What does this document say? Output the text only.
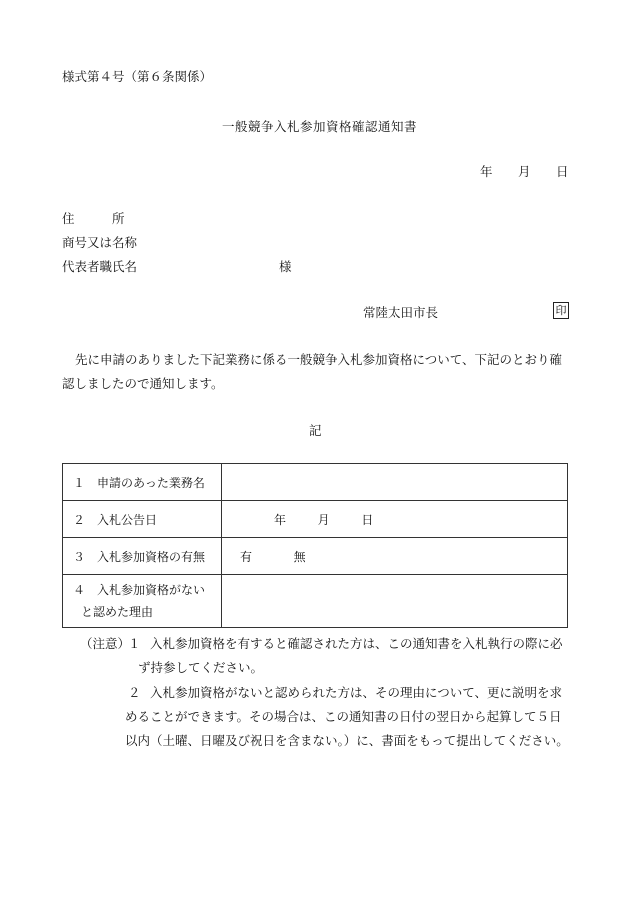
様式第４号（第６条関係）
一般競争入札参加資格確認通知書
年 月 日
住　　　所
商号又は名称
代表者職氏名	様
常陸太田市長	印
先に申請のありました下記業務に係る一般競争入札参加資格について、下記のとおり確
認しましたので通知します。
記
１　申請のあった業務名	
２　入札公告日	年 月 日
３　入札参加資格の有無	有 無

４　入札参加資格がない
と認めた理由	

（注意）
１ 入札参加資格を有すると確認された方は、この通知書を入札執行の際に必
ず持参してください。
２ 入札参加資格がないと認められた方は、その理由について、更に説明を求
めることができます。その場合は、この通知書の日付の翌日から起算して５日
以内（土曜、日曜及び祝日を含まない。）に、書面をもって提出してください。
